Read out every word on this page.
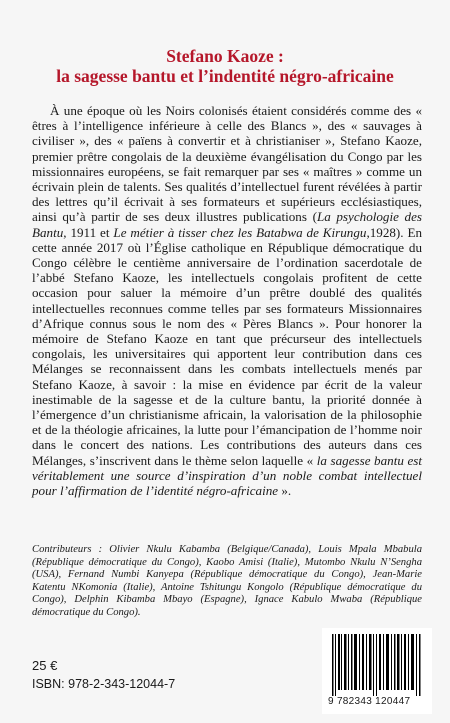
Stefano Kaoze :
la sagesse bantu et l’indentité négro-africaine

À une époque où les Noirs colonisés étaient considérés comme des « êtres à l’intelligence inférieure à celle des Blancs », des « sauvages à civiliser », des « païens à convertir et à christianiser », Stefano Kaoze, premier prêtre congolais de la deuxième évangélisation du Congo par les missionnaires européens, se fait remarquer par ses « maîtres » comme un écrivain plein de talents. Ses qualités d’intellectuel furent révélées à partir des lettres qu’il écrivait à ses formateurs et supérieurs ecclésiastiques, ainsi qu’à partir de ses deux illustres publications (La psychologie des Bantu, 1911 et Le métier à tisser chez les Batabwa de Kirungu,1928). En cette année 2017 où l’Église catholique en République démocratique du Congo célèbre le centième anniversaire de l’ordination sacerdotale de l’abbé Stefano Kaoze, les intellectuels congolais profitent de cette occasion pour saluer la mémoire d’un prêtre doublé des qualités intellectuelles reconnues comme telles par ses formateurs Missionnaires d’Afrique connus sous le nom des « Pères Blancs ». Pour honorer la mémoire de Stefano Kaoze en tant que précurseur des intellectuels congolais, les universitaires qui apportent leur contribution dans ces Mélanges se reconnaissent dans les combats intellectuels menés par Stefano Kaoze, à savoir : la mise en évidence par écrit de la valeur inestimable de la sagesse et de la culture bantu, la priorité donnée à l’émergence d’un christianisme africain, la valorisation de la philosophie et de la théologie africaines, la lutte pour l’émancipation de l’homme noir dans le concert des nations. Les contributions des auteurs dans ces Mélanges, s’inscrivent dans le thème selon laquelle « la sagesse bantu est véritablement une source d’inspiration d’un noble combat intellectuel pour l’affirmation de l’identité négro-africaine ».

Contributeurs : Olivier Nkulu Kabamba (Belgique/Canada), Louis Mpala Mbabula (République démocratique du Congo), Kaobo Amisi (Italie), Mutombo Nkulu N’Sengha (USA), Fernand Numbi Kanyepa (République démocratique du Congo), Jean-Marie Katentu NKomonia (Italie), Antoine Tshitungu Kongolo (République démocratique du Congo), Delphin Kibamba Mbayo (Espagne), Ignace Kabulo Mwaba (République démocratique du Congo).

25 €
ISBN: 978-2-343-12044-7
9 782343 120447
